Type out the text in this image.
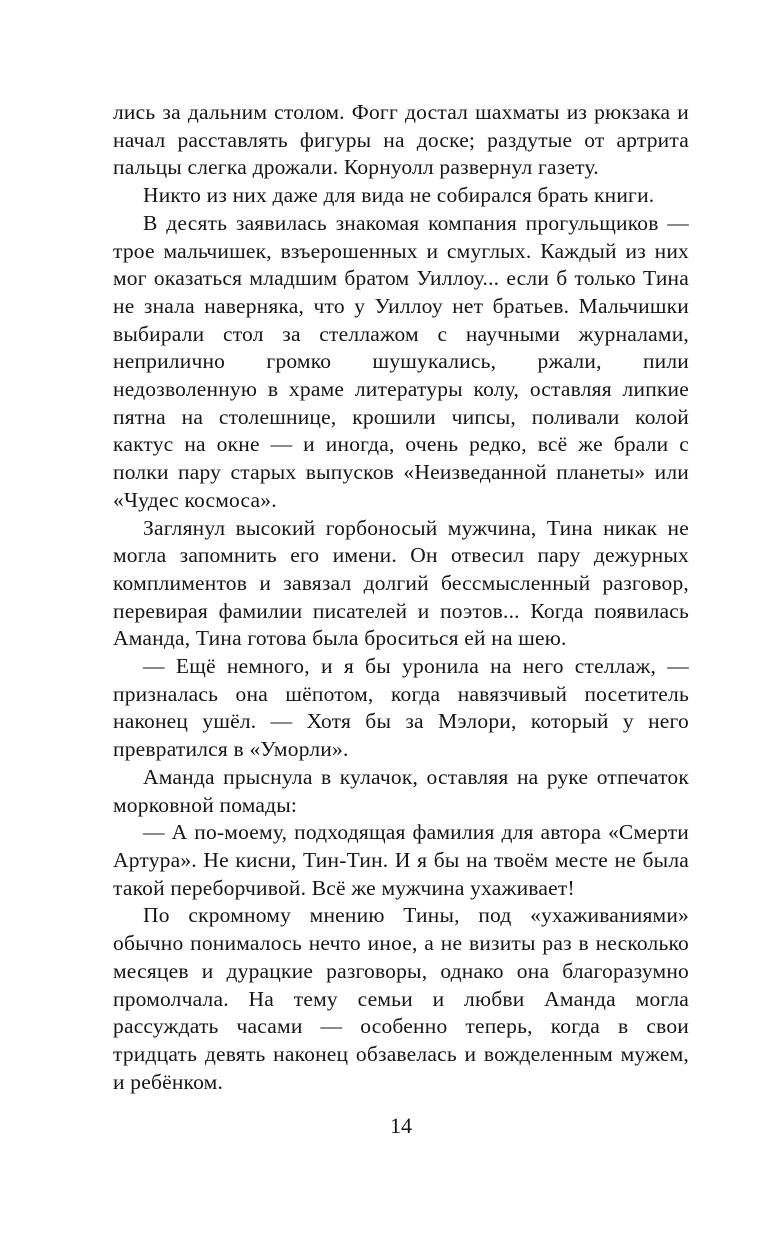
лись за дальним столом. Фогг достал шахматы из рюкзака и начал расставлять фигуры на доске; раздутые от артрита пальцы слегка дрожали. Корнуолл развернул газету.

Никто из них даже для вида не собирался брать книги.

В десять заявилась знакомая компания прогульщиков — трое мальчишек, взъерошенных и смуглых. Каждый из них мог оказаться младшим братом Уиллоу... если б только Тина не знала наверняка, что у Уиллоу нет братьев. Мальчишки выбирали стол за стеллажом с научными журналами, неприлично громко шушукались, ржали, пили недозволенную в храме литературы колу, оставляя липкие пятна на столешнице, крошили чипсы, поливали колой кактус на окне — и иногда, очень редко, всё же брали с полки пару старых выпусков «Неизведанной планеты» или «Чудес космоса».

Заглянул высокий горбоносый мужчина, Тина никак не могла запомнить его имени. Он отвесил пару дежурных комплиментов и завязал долгий бессмысленный разговор, перевирая фамилии писателей и поэтов... Когда появилась Аманда, Тина готова была броситься ей на шею.

— Ещё немного, и я бы уронила на него стеллаж, — призналась она шёпотом, когда навязчивый посетитель наконец ушёл. — Хотя бы за Мэлори, который у него превратился в «Уморли».

Аманда прыснула в кулачок, оставляя на руке отпечаток морковной помады:

— А по-моему, подходящая фамилия для автора «Смерти Артура». Не кисни, Тин-Тин. И я бы на твоём месте не была такой переборчивой. Всё же мужчина ухаживает!

По скромному мнению Тины, под «ухаживаниями» обычно понималось нечто иное, а не визиты раз в несколько месяцев и дурацкие разговоры, однако она благоразумно промолчала. На тему семьи и любви Аманда могла рассуждать часами — особенно теперь, когда в свои тридцать девять наконец обзавелась и вожделенным мужем, и ребёнком.

14
